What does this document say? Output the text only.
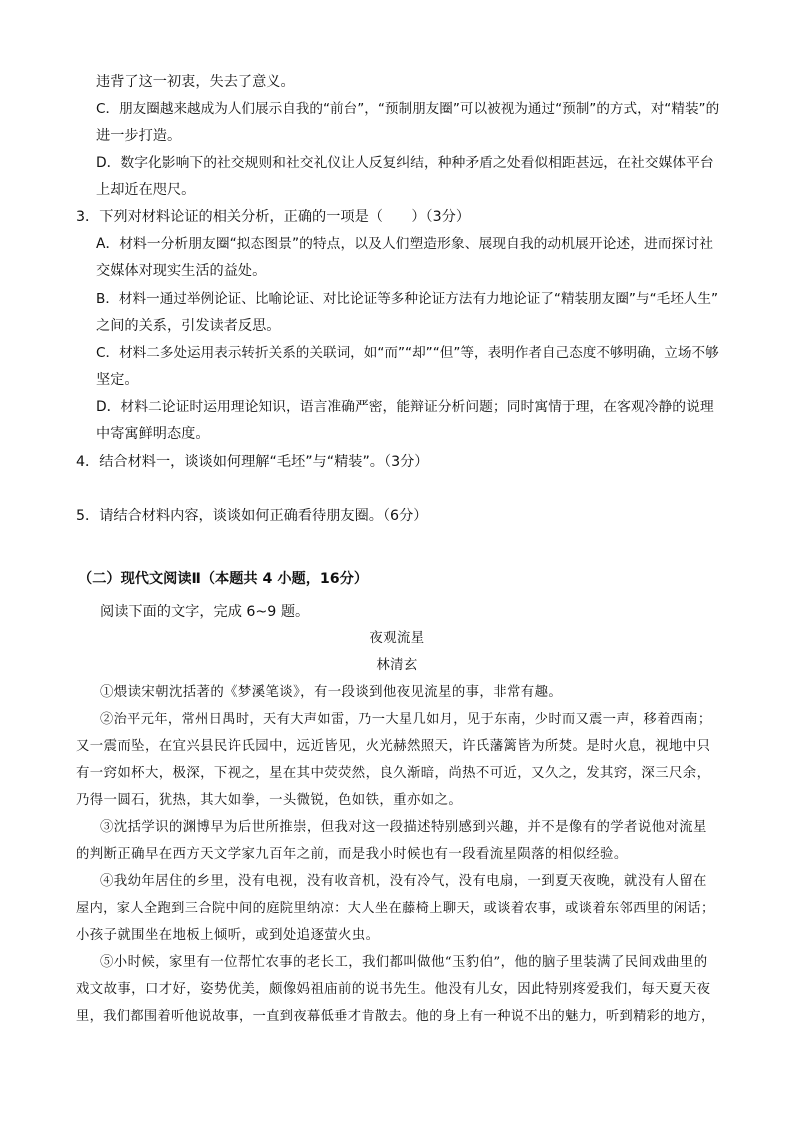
违背了这一初衷，失去了意义。
C．朋友圈越来越成为人们展示自我的“前台”，“预制朋友圈”可以被视为通过“预制”的方式，对“精装”的
进一步打造。
D．数字化影响下的社交规则和社交礼仪让人反复纠结，种种矛盾之处看似相距甚远，在社交媒体平台
上却近在咫尺。
3．下列对材料论证的相关分析，正确的一项是（　　）（3分）
A．材料一分析朋友圈“拟态图景”的特点，以及人们塑造形象、展现自我的动机展开论述，进而探讨社
交媒体对现实生活的益处。
B．材料一通过举例论证、比喻论证、对比论证等多种论证方法有力地论证了“精装朋友圈”与“毛坯人生”
之间的关系，引发读者反思。
C．材料二多处运用表示转折关系的关联词，如“而”“却”“但”等，表明作者自己态度不够明确，立场不够
坚定。
D．材料二论证时运用理论知识，语言准确严密，能辩证分析问题；同时寓情于理，在客观冷静的说理
中寄寓鲜明态度。
4．结合材料一，谈谈如何理解“毛坯”与“精装”。（3分）
5．请结合材料内容，谈谈如何正确看待朋友圈。（6分）
（二）现代文阅读Ⅱ（本题共 4 小题，16分）
阅读下面的文字，完成 6~9 题。
夜观流星
林清玄
①煨读宋朝沈括著的《梦溪笔谈》，有一段谈到他夜见流星的事，非常有趣。
②治平元年，常州日禺时，天有大声如雷，乃一大星几如月，见于东南，少时而又震一声，移着西南；
又一震而坠，在宜兴县民许氏园中，远近皆见，火光赫然照天，许氏藩篱皆为所焚。是时火息，视地中只
有一窍如杯大，极深，下视之，星在其中荧荧然，良久渐暗，尚热不可近，又久之，发其窍，深三尺余，
乃得一圆石，犹热，其大如拳，一头微锐，色如铁，重亦如之。
③沈括学识的渊博早为后世所推崇，但我对这一段描述特别感到兴趣，并不是像有的学者说他对流星
的判断正确早在西方天文学家九百年之前，而是我小时候也有一段看流星陨落的相似经验。
④我幼年居住的乡里，没有电视，没有收音机，没有冷气，没有电扇，一到夏天夜晚，就没有人留在
屋内，家人全跑到三合院中间的庭院里纳凉：大人坐在藤椅上聊天，或谈着农事，或谈着东邻西里的闲话；
小孩子就围坐在地板上倾听，或到处追逐萤火虫。
⑤小时候，家里有一位帮忙农事的老长工，我们都叫做他“玉豹伯”，他的脑子里装满了民间戏曲里的
戏文故事，口才好，姿势优美，颇像妈祖庙前的说书先生。他没有儿女，因此特别疼爱我们，每天夏天夜
里，我们都围着听他说故事，一直到夜幕低垂才肯散去。他的身上有一种说不出的魅力，听到精彩的地方，
